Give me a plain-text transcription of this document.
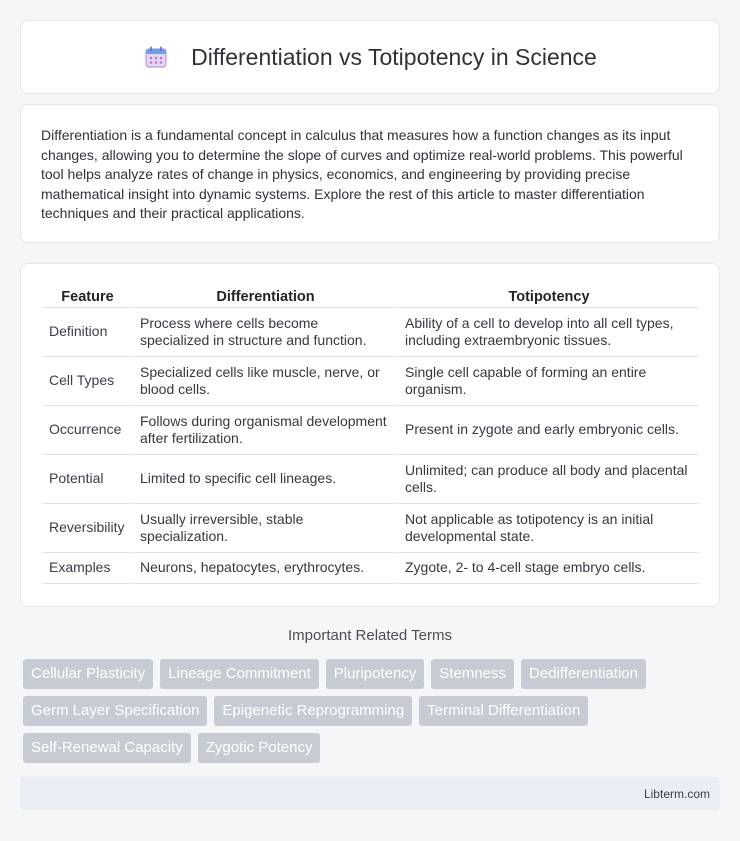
Differentiation vs Totipotency in Science

Differentiation is a fundamental concept in calculus that measures how a function changes as its input changes, allowing you to determine the slope of curves and optimize real-world problems. This powerful tool helps analyze rates of change in physics, economics, and engineering by providing precise mathematical insight into dynamic systems. Explore the rest of this article to master differentiation techniques and their practical applications.

Feature	Differentiation	Totipotency
Definition	Process where cells become specialized in structure and function.	Ability of a cell to develop into all cell types, including extraembryonic tissues.
Cell Types	Specialized cells like muscle, nerve, or blood cells.	Single cell capable of forming an entire organism.
Occurrence	Follows during organismal development after fertilization.	Present in zygote and early embryonic cells.
Potential	Limited to specific cell lineages.	Unlimited; can produce all body and placental cells.
Reversibility	Usually irreversible, stable specialization.	Not applicable as totipotency is an initial developmental state.
Examples	Neurons, hepatocytes, erythrocytes.	Zygote, 2- to 4-cell stage embryo cells.
Important Related Terms
Cellular Plasticity	Lineage Commitment	Pluripotency	Stemness	Dedifferentiation
Germ Layer Specification	Epigenetic Reprogramming	Terminal Differentiation
Self-Renewal Capacity	Zygotic Potency
Libterm.com
